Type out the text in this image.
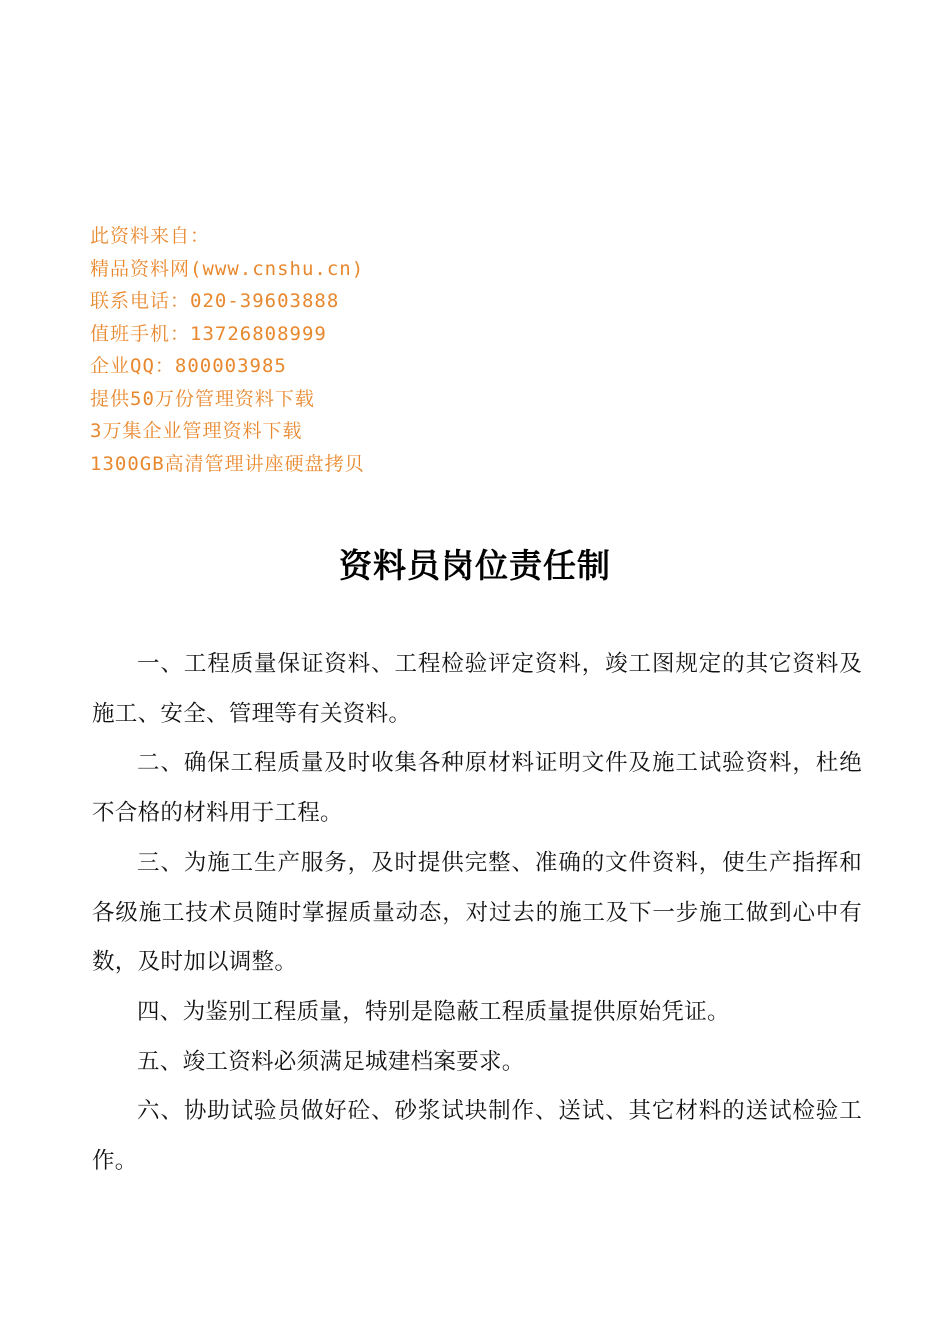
此资料来自：
精品资料网(www.cnshu.cn)
联系电话：020-39603888
值班手机：13726808999
企业QQ：800003985
提供50万份管理资料下载
3万集企业管理资料下载
1300GB高清管理讲座硬盘拷贝
资料员岗位责任制

一、工程质量保证资料、工程检验评定资料，竣工图规定的其它资料及施工、安全、管理等有关资料。

二、确保工程质量及时收集各种原材料证明文件及施工试验资料，杜绝不合格的材料用于工程。

三、为施工生产服务，及时提供完整、准确的文件资料，使生产指挥和各级施工技术员随时掌握质量动态，对过去的施工及下一步施工做到心中有数，及时加以调整。

四、为鉴别工程质量，特别是隐蔽工程质量提供原始凭证。

五、竣工资料必须满足城建档案要求。

六、协助试验员做好砼、砂浆试块制作、送试、其它材料的送试检验工作。
